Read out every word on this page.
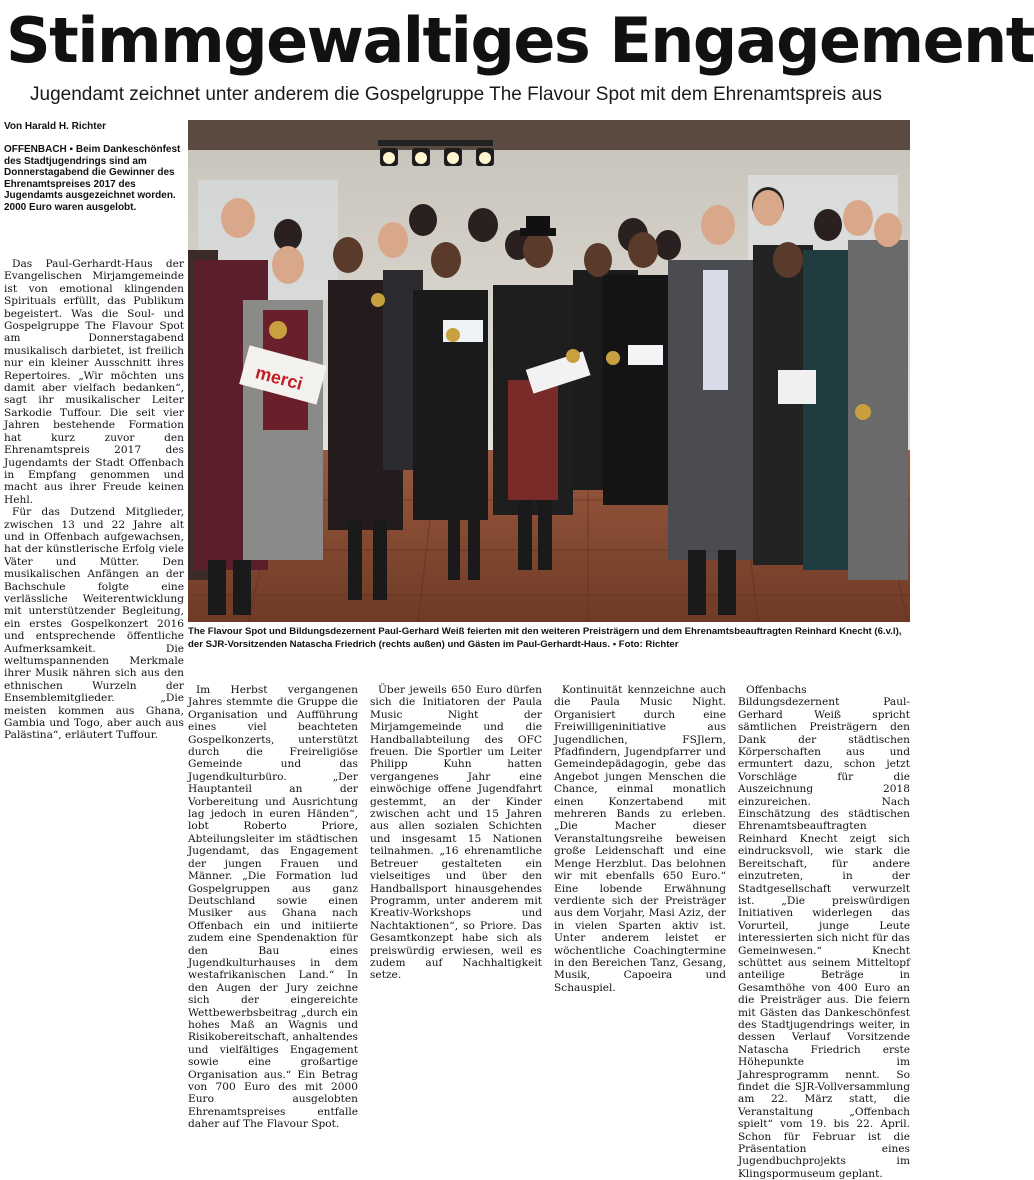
Stimmgewaltiges Engagement
Jugendamt zeichnet unter anderem die Gospelgruppe The Flavour Spot mit dem Ehrenamtspreis aus
Von Harald H. Richter
OFFENBACH ▪ Beim Dankeschönfest des Stadtjugendrings sind am Donnerstagabend die Gewinner des Ehrenamtspreises 2017 des Jugendamts ausgezeichnet worden. 2000 Euro waren ausgelobt.
merci
The Flavour Spot und Bildungsdezernent Paul-Gerhard Weiß feierten mit den weiteren Preisträgern und dem Ehrenamtsbeauftragten Reinhard Knecht (6.v.l), der SJR-Vorsitzenden Natascha Friedrich (rechts außen) und Gästen im Paul-Gerhardt-Haus. ▪ Foto: Richter

Das Paul-Gerhardt-Haus der Evangelischen Mirjamgemeinde ist von emotional klingenden Spirituals erfüllt, das Publikum begeistert. Was die Soul- und Gospelgruppe The Flavour Spot am Donnerstagabend musikalisch darbietet, ist freilich nur ein kleiner Ausschnitt ihres Repertoires. „Wir möchten uns damit aber vielfach bedanken“, sagt ihr musikalischer Leiter Sarkodie Tuffour. Die seit vier Jahren bestehende Formation hat kurz zuvor den Ehrenamtspreis 2017 des Jugendamts der Stadt Offenbach in Empfang genommen und macht aus ihrer Freude keinen Hehl.

Für das Dutzend Mitglieder, zwischen 13 und 22 Jahre alt und in Offenbach aufgewachsen, hat der künstlerische Erfolg viele Väter und Mütter. Den musikalischen Anfängen an der Bachschule folgte eine verlässliche Weiterentwicklung mit unterstützender Begleitung, ein erstes Gospelkonzert 2016 und entsprechende öffentliche Aufmerksamkeit. Die weltumspannenden Merkmale ihrer Musik nähren sich aus den ethnischen Wurzeln der Ensemblemitglieder. „Die meisten kommen aus Ghana, Gambia und Togo, aber auch aus Palästina“, erläutert Tuffour.

Im Herbst vergangenen Jahres stemmte die Gruppe die Organisation und Aufführung eines viel beachteten Gospelkonzerts, unterstützt durch die Freireligiöse Gemeinde und das Jugendkulturbüro. „Der Hauptanteil an der Vorbereitung und Ausrichtung lag jedoch in euren Händen“, lobt Roberto Priore, Abteilungsleiter im städtischen Jugendamt, das Engagement der jungen Frauen und Männer. „Die Formation lud Gospelgruppen aus ganz Deutschland sowie einen Musiker aus Ghana nach Offenbach ein und initiierte zudem eine Spendenaktion für den Bau eines Jugendkulturhauses in dem westafrikanischen Land.“ In den Augen der Jury zeichne sich der eingereichte Wettbewerbsbeitrag „durch ein hohes Maß an Wagnis und Risikobereitschaft, anhaltendes und vielfältiges Engagement sowie eine großartige Organisation aus.“ Ein Betrag von 700 Euro des mit 2000 Euro ausgelobten Ehrenamtspreises entfalle daher auf The Flavour Spot.

Über jeweils 650 Euro dürfen sich die Initiatoren der Paula Music Night der Mirjamgemeinde und die Handballabteilung des OFC freuen. Die Sportler um Leiter Philipp Kuhn hatten vergangenes Jahr eine einwöchige offene Jugendfahrt gestemmt, an der Kinder zwischen acht und 15 Jahren aus allen sozialen Schichten und insgesamt 15 Nationen teilnahmen. „16 ehrenamtliche Betreuer gestalteten ein vielseitiges und über den Handballsport hinausgehendes Programm, unter anderem mit Kreativ-Workshops und Nachtaktionen“, so Priore. Das Gesamtkonzept habe sich als preiswürdig erwiesen, weil es zudem auf Nachhaltigkeit setze.

Kontinuität kennzeichne auch die Paula Music Night. Organisiert durch eine Freiwilligeninitiative aus Jugendlichen, FSJlern, Pfadfindern, Jugendpfarrer und Gemeindepädagogin, gebe das Angebot jungen Menschen die Chance, einmal monatlich einen Konzertabend mit mehreren Bands zu erleben. „Die Macher dieser Veranstaltungsreihe beweisen große Leidenschaft und eine Menge Herzblut. Das belohnen wir mit ebenfalls 650 Euro.“ Eine lobende Erwähnung verdiente sich der Preisträger aus dem Vorjahr, Masi Aziz, der in vielen Sparten aktiv ist. Unter anderem leistet er wöchentliche Coachingtermine in den Bereichen Tanz, Gesang, Musik, Capoeira und Schauspiel.

Offenbachs Bildungsdezernent Paul-Gerhard Weiß spricht sämtlichen Preisträgern den Dank der städtischen Körperschaften aus und ermuntert dazu, schon jetzt Vorschläge für die Auszeichnung 2018 einzureichen. Nach Einschätzung des städtischen Ehrenamtsbeauftragten Reinhard Knecht zeigt sich eindrucksvoll, wie stark die Bereitschaft, für andere einzutreten, in der Stadtgesellschaft verwurzelt ist. „Die preiswürdigen Initiativen widerlegen das Vorurteil, junge Leute interessierten sich nicht für das Gemeinwesen.“ Knecht schüttet aus seinem Mitteltopf anteilige Beträge in Gesamthöhe von 400 Euro an die Preisträger aus. Die feiern mit Gästen das Dankeschönfest des Stadtjugendrings weiter, in dessen Verlauf Vorsitzende Natascha Friedrich erste Höhepunkte im Jahresprogramm nennt. So findet die SJR-Vollversammlung am 22. März statt, die Veranstaltung „Offenbach spielt“ vom 19. bis 22. April. Schon für Februar ist die Präsentation eines Jugendbuchprojekts im Klingspormuseum geplant.
